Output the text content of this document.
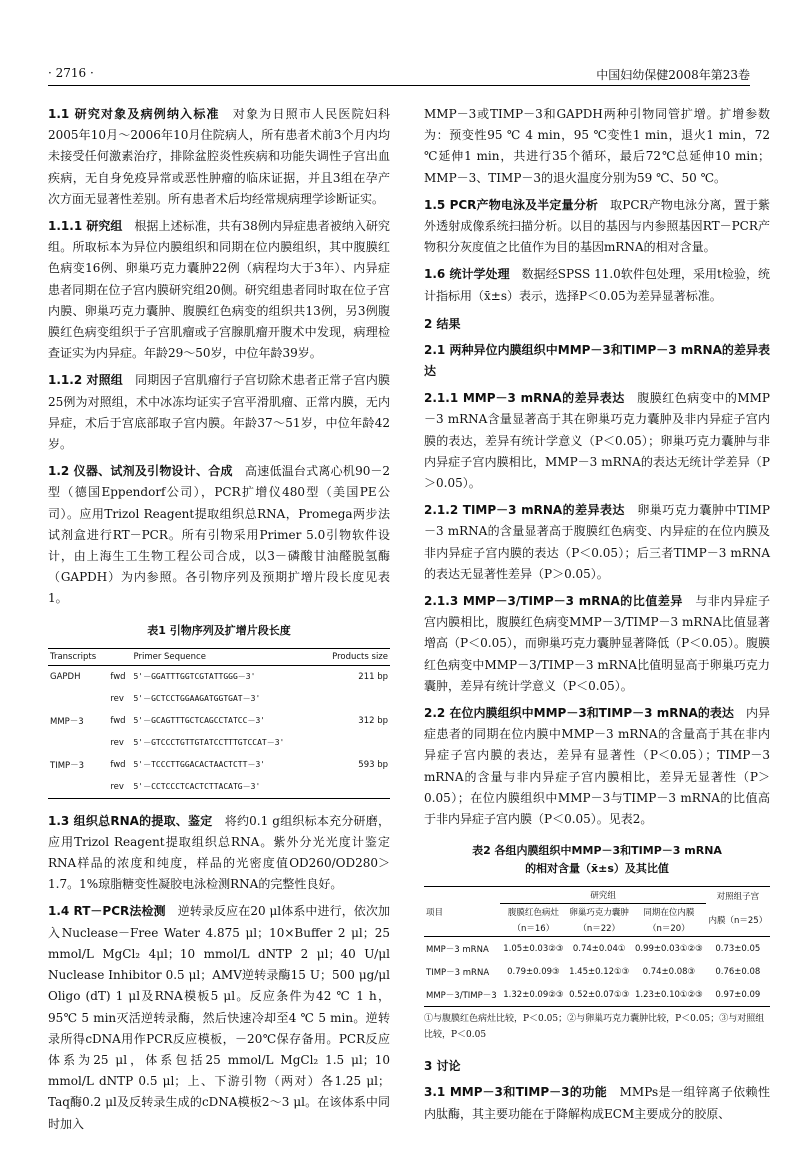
· 2716 ·	中国妇幼保健2008年第23卷

1.1 研究对象及病例纳入标准　 对象为日照市人民医院妇科2005年10月～2006年10月住院病人，所有患者术前3个月内均未接受任何激素治疗，排除盆腔炎性疾病和功能失调性子宫出血疾病，无自身免疫异常或恶性肿瘤的临床证据，并且3组在孕产次方面无显著性差别。所有患者术后均经常规病理学诊断证实。

1.1.1 研究组　 根据上述标准，共有38例内异症患者被纳入研究组。所取标本为异位内膜组织和同期在位内膜组织，其中腹膜红色病变16例、卵巢巧克力囊肿22例（病程均大于3年）、内异症患者同期在位子宫内膜研究组20侧。研究组患者同时取在位子宫内膜、卵巢巧克力囊肿、腹膜红色病变的组织共13例，另3例腹膜红色病变组织于子宫肌瘤或子宫腺肌瘤开腹术中发现，病理检查证实为内异症。年龄29～50岁，中位年龄39岁。

1.1.2 对照组　 同期因子宫肌瘤行子宫切除术患者正常子宫内膜25例为对照组，术中冰冻均证实子宫平滑肌瘤、正常内膜，无内异症，术后于宫底部取子宫内膜。年龄37～51岁，中位年龄42岁。

1.2 仪器、试剂及引物设计、合成　 高速低温台式离心机90－2型（德国Eppendorf公司），PCR扩增仪480型（美国PE公司）。应用Trizol Reagent提取组织总RNA，Promega两步法试剂盒进行RT－PCR。所有引物采用Primer 5.0引物软件设计，由上海生工生物工程公司合成，以3－磷酸甘油醛脱氢酶（GAPDH）为内参照。各引物序列及预期扩增片段长度见表1。

表1 引物序列及扩增片段长度
Transcripts		Primer Sequence	Products size
GAPDH	fwd	5'－GGATTTGGTCGTATTGGG－3'	211 bp
	rev	5'－GCTCCTGGAAGATGGTGAT－3'	
MMP－3	fwd	5'－GCAGTTTGCTCAGCCTATCC－3'	312 bp
	rev	5'－GTCCCTGTTGTATCCTTTGTCCAT－3'	
TIMP－3	fwd	5'－TCCCTTGGACACTAACTCTT－3'	593 bp
	rev	5'－CCTCCCTCACTCTTACATG－3'	

1.3 组织总RNA的提取、鉴定　 将约0.1 g组织标本充分研磨，应用Trizol Reagent提取组织总RNA。紫外分光光度计鉴定RNA样品的浓度和纯度，样品的光密度值OD260/OD280＞1.7。1%琼脂糖变性凝胶电泳检测RNA的完整性良好。

1.4 RT－PCR法检测　 逆转录反应在20 μl体系中进行，依次加入Nuclease－Free Water 4.875 μl；10×Buffer 2 μl；25 mmol/L MgCl₂ 4μl；10 mmol/L dNTP 2 μl；40 U/μl Nuclease Inhibitor 0.5 μl；AMV逆转录酶15 U；500 μg/μl Oligo (dT) 1 μl及RNA模板5 μl。反应条件为42 ℃ 1 h，95℃ 5 min灭活逆转录酶，然后快速冷却至4 ℃ 5 min。逆转录所得cDNA用作PCR反应模板，－20℃保存备用。PCR反应体系为25 μl，体系包括25 mmol/L MgCl₂ 1.5 μl；10 mmol/L dNTP 0.5 μl；上、下游引物（两对）各1.25 μl；Taq酶0.2 μl及反转录生成的cDNA模板2～3 μl。在该体系中同时加入

MMP－3或TIMP－3和GAPDH两种引物同管扩增。扩增参数为：预变性95 ℃ 4 min，95 ℃变性1 min，退火1 min，72 ℃延伸1 min，共进行35个循环，最后72℃总延伸10 min；MMP－3、TIMP－3的退火温度分别为59 ℃、50 ℃。

1.5 PCR产物电泳及半定量分析　 取PCR产物电泳分离，置于紫外透射成像系统扫描分析。以目的基因与内参照基因RT－PCR产物积分灰度值之比值作为目的基因mRNA的相对含量。

1.6 统计学处理　 数据经SPSS 11.0软件包处理，采用t检验，统计指标用（x̄±s）表示，选择P＜0.05为差异显著标准。

2 结果

2.1 两种异位内膜组织中MMP－3和TIMP－3 mRNA的差异表达

2.1.1 MMP－3 mRNA的差异表达　 腹膜红色病变中的MMP－3 mRNA含量显著高于其在卵巢巧克力囊肿及非内异症子宫内膜的表达，差异有统计学意义（P＜0.05）；卵巢巧克力囊肿与非内异症子宫内膜相比，MMP－3 mRNA的表达无统计学差异（P＞0.05）。

2.1.2 TIMP－3 mRNA的差异表达　 卵巢巧克力囊肿中TIMP－3 mRNA的含量显著高于腹膜红色病变、内异症的在位内膜及非内异症子宫内膜的表达（P＜0.05）；后三者TIMP－3 mRNA的表达无显著性差异（P＞0.05）。

2.1.3 MMP－3/TIMP－3 mRNA的比值差异　 与非内异症子宫内膜相比，腹膜红色病变MMP－3/TIMP－3 mRNA比值显著增高（P＜0.05），而卵巢巧克力囊肿显著降低（P＜0.05）。腹膜红色病变中MMP－3/TIMP－3 mRNA比值明显高于卵巢巧克力囊肿，差异有统计学意义（P＜0.05）。

2.2 在位内膜组织中MMP－3和TIMP－3 mRNA的表达　 内异症患者的同期在位内膜中MMP－3 mRNA的含量高于其在非内异症子宫内膜的表达，差异有显著性（P＜0.05）；TIMP－3 mRNA的含量与非内异症子宫内膜相比，差异无显著性（P＞0.05）；在位内膜组织中MMP－3与TIMP－3 mRNA的比值高于非内异症子宫内膜（P＜0.05）。见表2。

表2 各组内膜组织中MMP－3和TIMP－3 mRNA
的相对含量（x̄±s）及其比值
项目	研究组			对照组子宫
	腹膜红色病灶	卵巢巧克力囊肿	同期在位内膜	内膜（n＝25）
	（n＝16）	（n＝22）	（n＝20）	
MMP－3 mRNA	1.05±0.03②③	0.74±0.04①	0.99±0.03①②③	0.73±0.05
TIMP－3 mRNA	0.79±0.09③	1.45±0.12①③	0.74±0.08③	0.76±0.08
MMP－3/TIMP－3	1.32±0.09②③	0.52±0.07①③	1.23±0.10①②③	0.97±0.09
①与腹膜红色病灶比较，P＜0.05；②与卵巢巧克力囊肿比较，P＜0.05；③与对照组比较，P＜0.05
3 讨论

3.1 MMP－3和TIMP－3的功能　 MMPs是一组锌离子依赖性内肽酶，其主要功能在于降解构成ECM主要成分的胶原、
